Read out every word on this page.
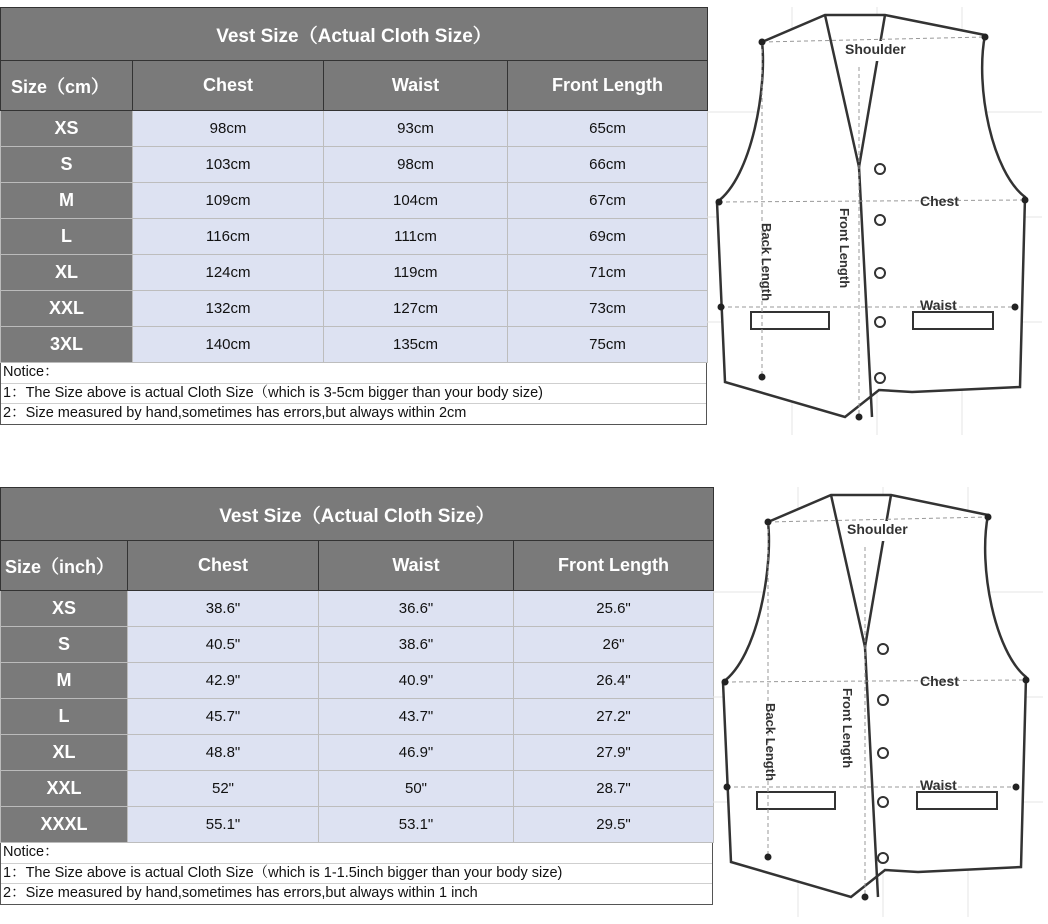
Vest Size（Actual Cloth Size）			
Size（cm）	Chest	Waist	Front Length
XS	98cm	93cm	65cm
S	103cm	98cm	66cm
M	109cm	104cm	67cm
L	116cm	111cm	69cm
XL	124cm	119cm	71cm
XXL	132cm	127cm	73cm
3XL	140cm	135cm	75cm
Notice：
1：The Size above is actual Cloth Size（which is 3-5cm bigger than your body size)
2：Size measured by hand,sometimes has errors,but always within 2cm
Shoulder
Chest
Waist
Back Length	Front Length
Vest Size（Actual Cloth Size）			
Size（inch）	Chest	Waist	Front Length
XS	38.6"	36.6"	25.6"
S	40.5"	38.6"	26"
M	42.9"	40.9"	26.4"
L	45.7"	43.7"	27.2"
XL	48.8"	46.9"	27.9"
XXL	52"	50"	28.7"
XXXL	55.1"	53.1"	29.5"
Notice：
1：The Size above is actual Cloth Size（which is 1-1.5inch bigger than your body size)
2：Size measured by hand,sometimes has errors,but always within 1 inch
Shoulder
Chest
Waist
Back Length	Front Length
